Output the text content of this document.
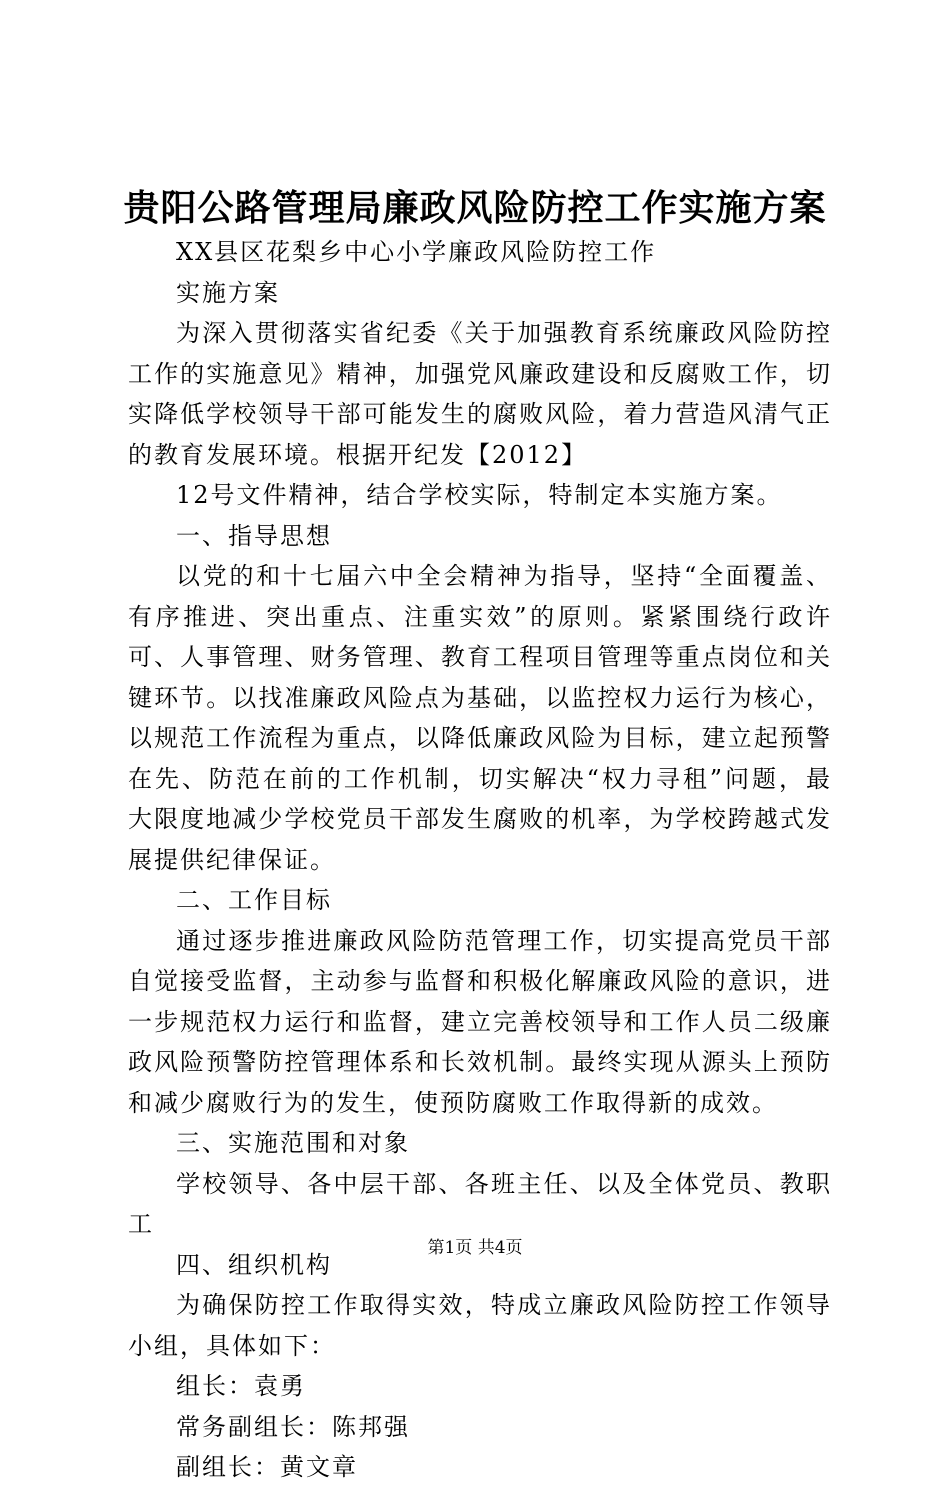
贵阳公路管理局廉政风险防控工作实施方案

XX县区花梨乡中心小学廉政风险防控工作

实施方案

为深入贯彻落实省纪委《关于加强教育系统廉政风险防控工作的实施意见》精神，加强党风廉政建设和反腐败工作，切实降低学校领导干部可能发生的腐败风险，着力营造风清气正的教育发展环境。根据开纪发【2012】

12号文件精神，结合学校实际，特制定本实施方案。

一、指导思想

以党的和十七届六中全会精神为指导，坚持“全面覆盖、有序推进、突出重点、注重实效”的原则。紧紧围绕行政许可、人事管理、财务管理、教育工程项目管理等重点岗位和关键环节。以找准廉政风险点为基础，以监控权力运行为核心，以规范工作流程为重点，以降低廉政风险为目标，建立起预警在先、防范在前的工作机制，切实解决“权力寻租”问题，最大限度地减少学校党员干部发生腐败的机率，为学校跨越式发展提供纪律保证。

二、工作目标

通过逐步推进廉政风险防范管理工作，切实提高党员干部自觉接受监督，主动参与监督和积极化解廉政风险的意识，进一步规范权力运行和监督，建立完善校领导和工作人员二级廉政风险预警防控管理体系和长效机制。最终实现从源头上预防和减少腐败行为的发生，使预防腐败工作取得新的成效。

三、实施范围和对象

学校领导、各中层干部、各班主任、以及全体党员、教职工

四、组织机构

为确保防控工作取得实效，特成立廉政风险防控工作领导小组，具体如下：

组长：袁勇

常务副组长：陈邦强

副组长：黄文章

第1页 共4页
